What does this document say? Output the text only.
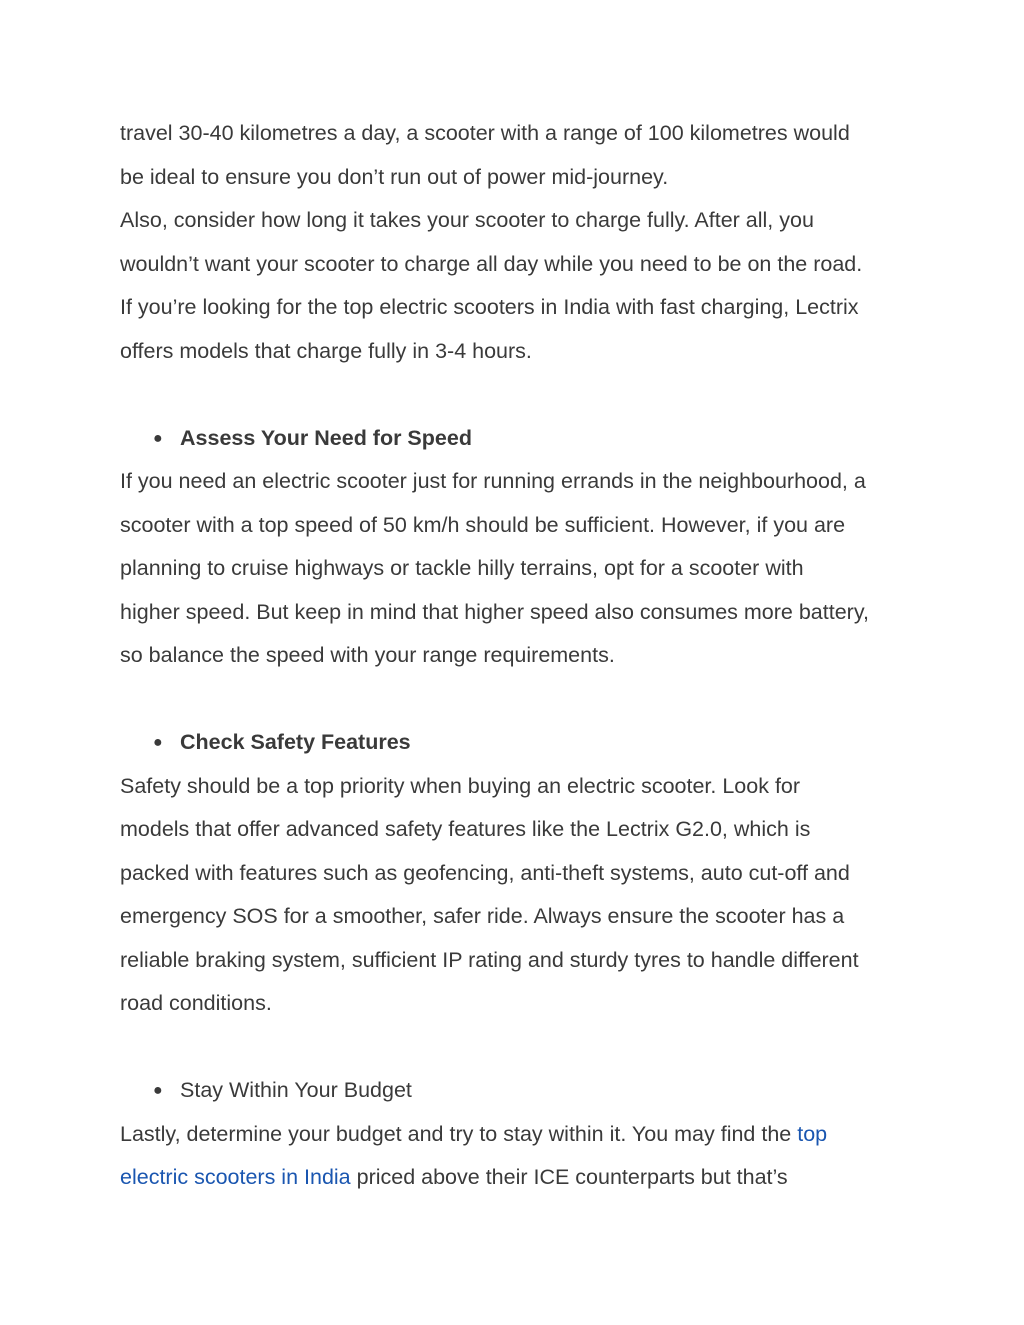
travel 30-40 kilometres a day, a scooter with a range of 100 kilometres would
be ideal to ensure you don’t run out of power mid-journey.
Also, consider how long it takes your scooter to charge fully. After all, you
wouldn’t want your scooter to charge all day while you need to be on the road.
If you’re looking for the top electric scooters in India with fast charging, Lectrix
offers models that charge fully in 3-4 hours.
● Assess Your Need for Speed
If you need an electric scooter just for running errands in the neighbourhood, a
scooter with a top speed of 50 km/h should be sufficient. However, if you are
planning to cruise highways or tackle hilly terrains, opt for a scooter with
higher speed. But keep in mind that higher speed also consumes more battery,
so balance the speed with your range requirements.
● Check Safety Features
Safety should be a top priority when buying an electric scooter. Look for
models that offer advanced safety features like the Lectrix G2.0, which is
packed with features such as geofencing, anti-theft systems, auto cut-off and
emergency SOS for a smoother, safer ride. Always ensure the scooter has a
reliable braking system, sufficient IP rating and sturdy tyres to handle different
road conditions.
● Stay Within Your Budget
Lastly, determine your budget and try to stay within it. You may find the top
electric scooters in India priced above their ICE counterparts but that’s
